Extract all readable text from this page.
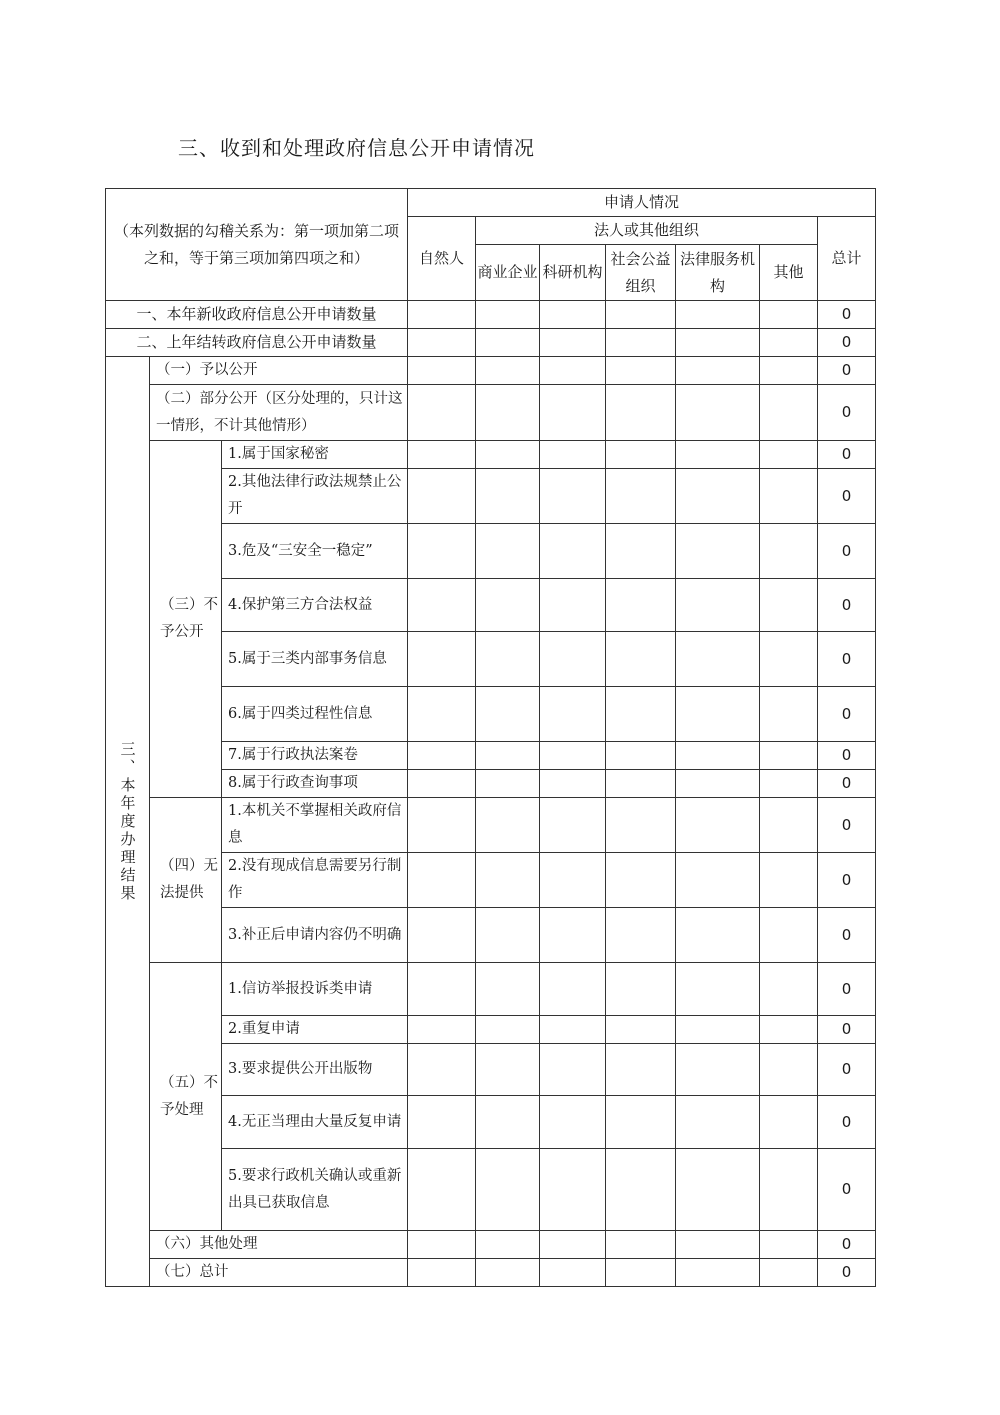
三、收到和处理政府信息公开申请情况
（本列数据的勾稽关系为：第一项加第二项之和，等于第三项加第四项之和）			申请人情况						
			自然人	法人或其他组织					总计
				商业企业	科研机构	社会公益组织	法律服务机构	其他	
一、本年新收政府信息公开申请数量									0
二、上年结转政府信息公开申请数量									0

三、本年度办理结果	（一）予以公开								0
	（二）部分公开（区分处理的，只计这一情形，不计其他情形）								0
	（三）不予公开	1.属于国家秘密							0
		2.其他法律行政法规禁止公开							0
		3.危及“三安全一稳定”							0
		4.保护第三方合法权益							0
		5.属于三类内部事务信息							0
		6.属于四类过程性信息							0
		7.属于行政执法案卷							0
		8.属于行政查询事项							0
	（四）无法提供	1.本机关不掌握相关政府信息							0
		2.没有现成信息需要另行制作							0
		3.补正后申请内容仍不明确							0
	（五）不予处理	1.信访举报投诉类申请							0
		2.重复申请							0
		3.要求提供公开出版物							0
		4.无正当理由大量反复申请							0
		5.要求行政机关确认或重新出具已获取信息							0
	（六）其他处理								0
	（七）总计								0
